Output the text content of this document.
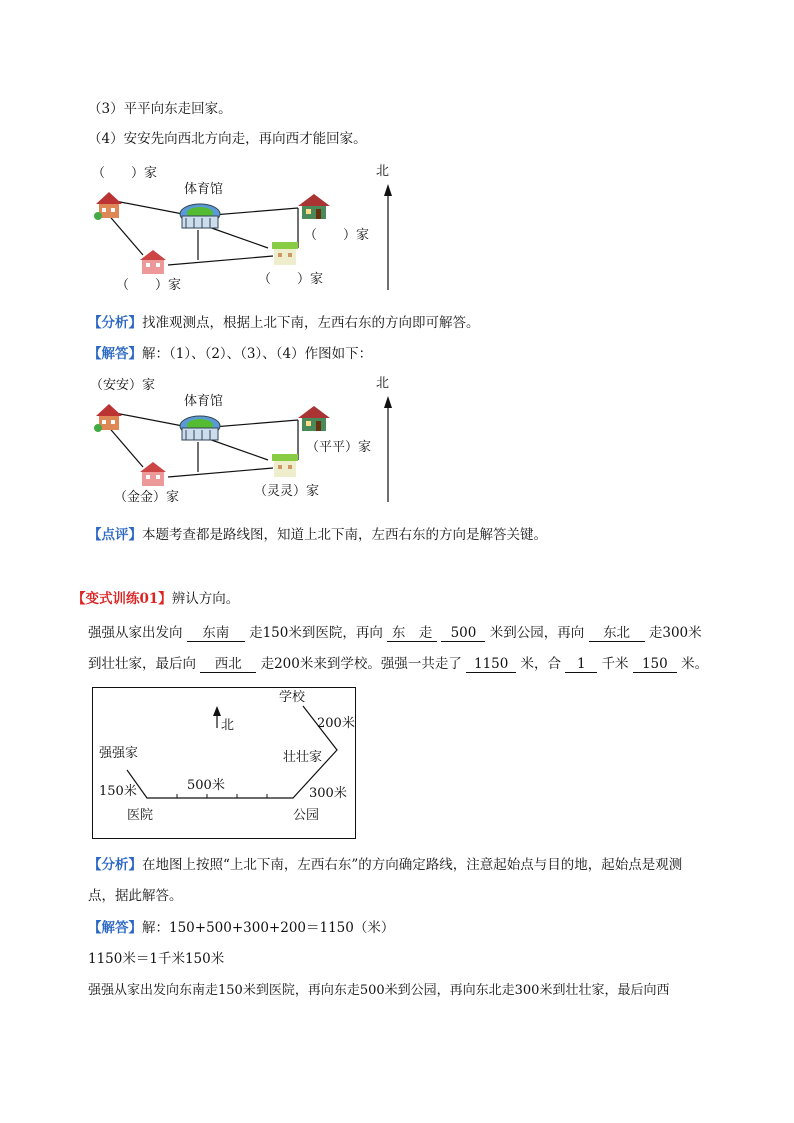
（3）平平向东走回家。
（4）安安先向西北方向走，再向西才能回家。
（　　）家
体育馆
（　　）家
（　　）家	（　　）家
北
【分析】找准观测点，根据上北下南，左西右东的方向即可解答。
【解答】解：（1）、（2）、（3）、（4）作图如下：
（安安）家
体育馆
（平平）家
（金金）家	（灵灵）家
北
【点评】本题考查都是路线图，知道上北下南，左西右东的方向是解答关键。
【变式训练01】辨认方向。
强强从家出发向 东南 走150米到医院，再向 东　走 500 米到公园，再向 东北 走300米
到壮壮家，最后向 西北 走200米来到学校。强强一共走了 1150 米，合 1 千米 150 米。
学校
200米
北
壮壮家
强强家
500米
150米	300米
医院	公园
【分析】在地图上按照“上北下南，左西右东”的方向确定路线，注意起始点与目的地，起始点是观测
点，据此解答。
【解答】解：150+500+300+200＝1150（米）
1150米＝1千米150米
强强从家出发向东南走150米到医院，再向东走500米到公园，再向东北走300米到壮壮家，最后向西
